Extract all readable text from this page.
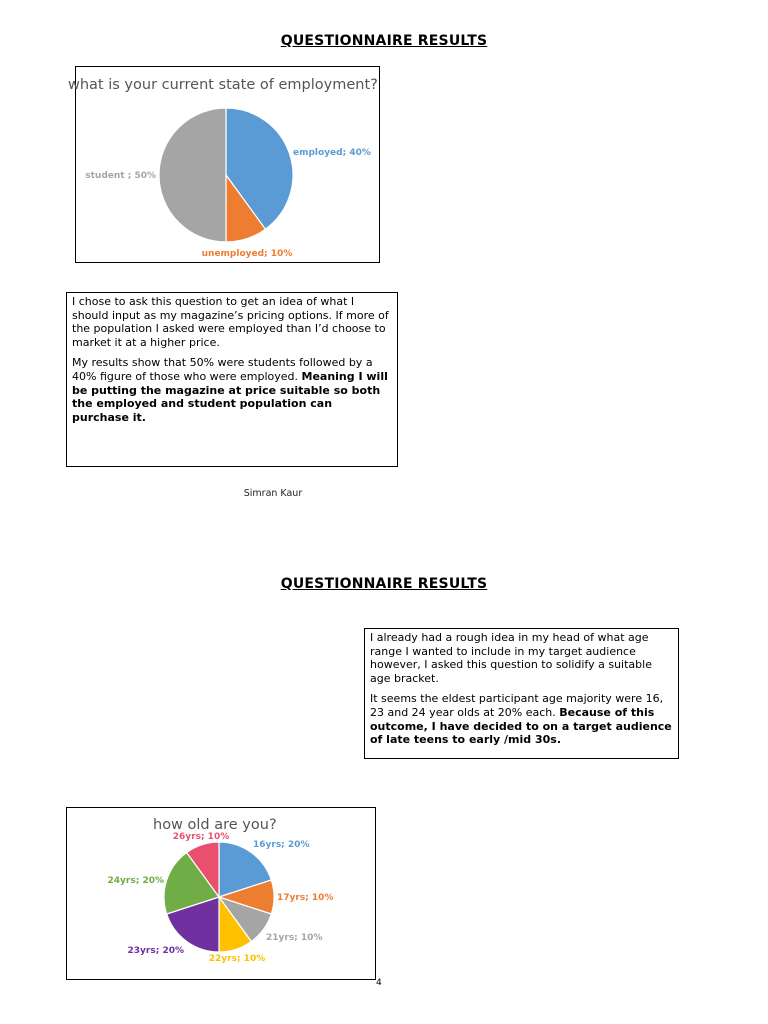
QUESTIONNAIRE RESULTS
what is your current state of employment?
employed; 40%
unemployed; 10%
student ; 50%

I chose to ask this question to get an idea of what I should input as my magazine’s pricing options. If more of the population I asked were employed than I’d choose to market it at a higher price.

My results show that 50% were students followed by a 40% figure of those who were employed. Meaning I will be putting the magazine at price suitable so both the employed and student population can purchase it.

Simran Kaur
QUESTIONNAIRE RESULTS

I already had a rough idea in my head of what age range I wanted to include in my target audience however, I asked this question to solidify a suitable age bracket.

It seems the eldest participant age majority were 16, 23 and 24 year olds at 20% each. Because of this outcome, I have decided to on a target audience of late teens to early /mid 30s.

how old are you?
16yrs; 20%
17yrs; 10%
21yrs; 10%
22yrs; 10%
23yrs; 20%
24yrs; 20%
26yrs; 10%
4
